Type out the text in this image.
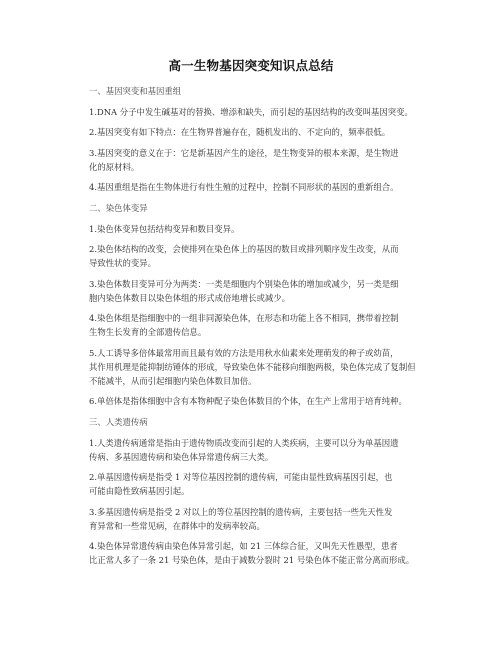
高一生物基因突变知识点总结
一、基因突变和基因重组
1.DNA 分子中发生碱基对的替换、增添和缺失，而引起的基因结构的改变叫基因突变。
2.基因突变有如下特点：在生物界普遍存在，随机发出的、不定向的，频率很低。
3.基因突变的意义在于：它是新基因产生的途径，是生物变异的根本来源，是生物进
化的原材料。
4.基因重组是指在生物体进行有性生殖的过程中，控制不同形状的基因的重新组合。
二、染色体变异
1.染色体变异包括结构变异和数目变异。
2.染色体结构的改变，会使排列在染色体上的基因的数目或排列顺序发生改变，从而
导致性状的变异。
3.染色体数目变异可分为两类：一类是细胞内个别染色体的增加或减少，另一类是细
胞内染色体数目以染色体组的形式成倍地增长或减少。
4.染色体组是指细胞中的一组非同源染色体，在形态和功能上各不相同，携带着控制
生物生长发育的全部遗传信息。
5.人工诱导多倍体最常用而且最有效的方法是用秋水仙素来处理萌发的种子或幼苗，
其作用机理是能抑制纺锤体的形成，导致染色体不能移向细胞两极，染色体完成了复制但
不能减半，从而引起细胞内染色体数目加倍。
6.单倍体是指体细胞中含有本物种配子染色体数目的个体，在生产上常用于培育纯种。
三、人类遗传病
1.人类遗传病通常是指由于遗传物质改变而引起的人类疾病，主要可以分为单基因遗
传病、多基因遗传病和染色体异常遗传病三大类。
2.单基因遗传病是指受 1 对等位基因控制的遗传病，可能由显性致病基因引起，也
可能由隐性致病基因引起。
3.多基因遗传病是指受 2 对以上的等位基因控制的遗传病，主要包括一些先天性发
育异常和一些常见病，在群体中的发病率较高。
4.染色体异常遗传病由染色体异常引起，如 21 三体综合征，又叫先天性愚型，患者
比正常人多了一条 21 号染色体，是由于减数分裂时 21 号染色体不能正常分离而形成。
